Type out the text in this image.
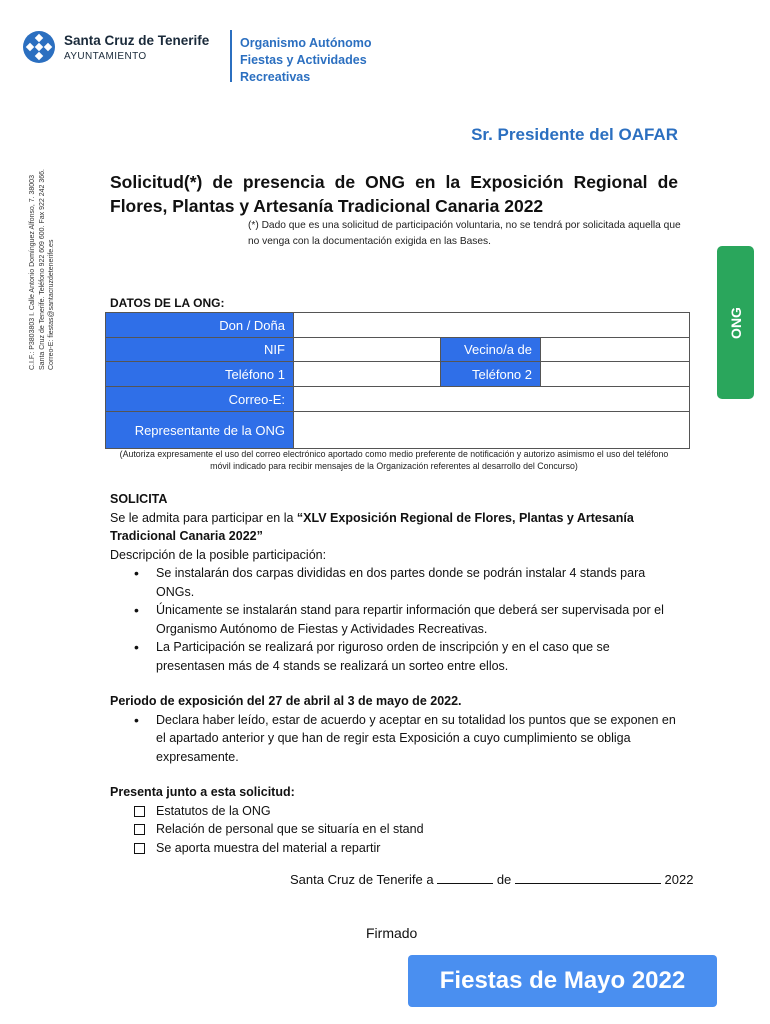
Santa Cruz de Tenerife
AYUNTAMIENTO
Organismo Autónomo
Fiestas y Actividades
Recreativas
C.I.F.: P3803803 I. Calle Antonio Domínguez Alfonso, 7. 38003 Santa Cruz de Tenerife. Teléfono 922 609 600. Fax 922 242 366. Correo-E: fiestas@santacruzdetenerife.es
Sr. Presidente del OAFAR
Solicitud(*) de presencia de ONG en la Exposición Regional de Flores, Plantas y Artesanía Tradicional Canaria 2022
(*) Dado que es una solicitud de participación voluntaria, no se tendrá por solicitada aquella que no venga con la documentación exigida en las Bases.
ONG
DATOS DE LA ONG:
Don / Doña
NIF	Vecino/a de
Teléfono 1	Teléfono 2
Correo-E:
Representante de la ONG
(Autoriza expresamente el uso del correo electrónico aportado como medio preferente de notificación y autorizo asimismo el uso del teléfono móvil indicado para recibir mensajes de la Organización referentes al desarrollo del Concurso)

SOLICITA

Se le admita para participar en la “XLV Exposición Regional de Flores, Plantas y Artesanía Tradicional Canaria 2022”

Descripción de la posible participación:

• Se instalarán dos carpas divididas en dos partes donde se podrán instalar 4 stands para ONGs.
• Únicamente se instalarán stand para repartir información que deberá ser supervisada por el Organismo Autónomo de Fiestas y Actividades Recreativas.
• La Participación se realizará por riguroso orden de inscripción y en el caso que se presentasen más de 4 stands se realizará un sorteo entre ellos.

Periodo de exposición del 27 de abril al 3 de mayo de 2022.

• Declara haber leído, estar de acuerdo y aceptar en su totalidad los puntos que se exponen en el apartado anterior y que han de regir esta Exposición a cuyo cumplimiento se obliga expresamente.

Presenta junto a esta solicitud:

Estatutos de la ONG
Relación de personal que se situaría en el stand
Se aporta muestra del material a repartir
Santa Cruz de Tenerife a	de	2022
Firmado
Fiestas de Mayo 2022
